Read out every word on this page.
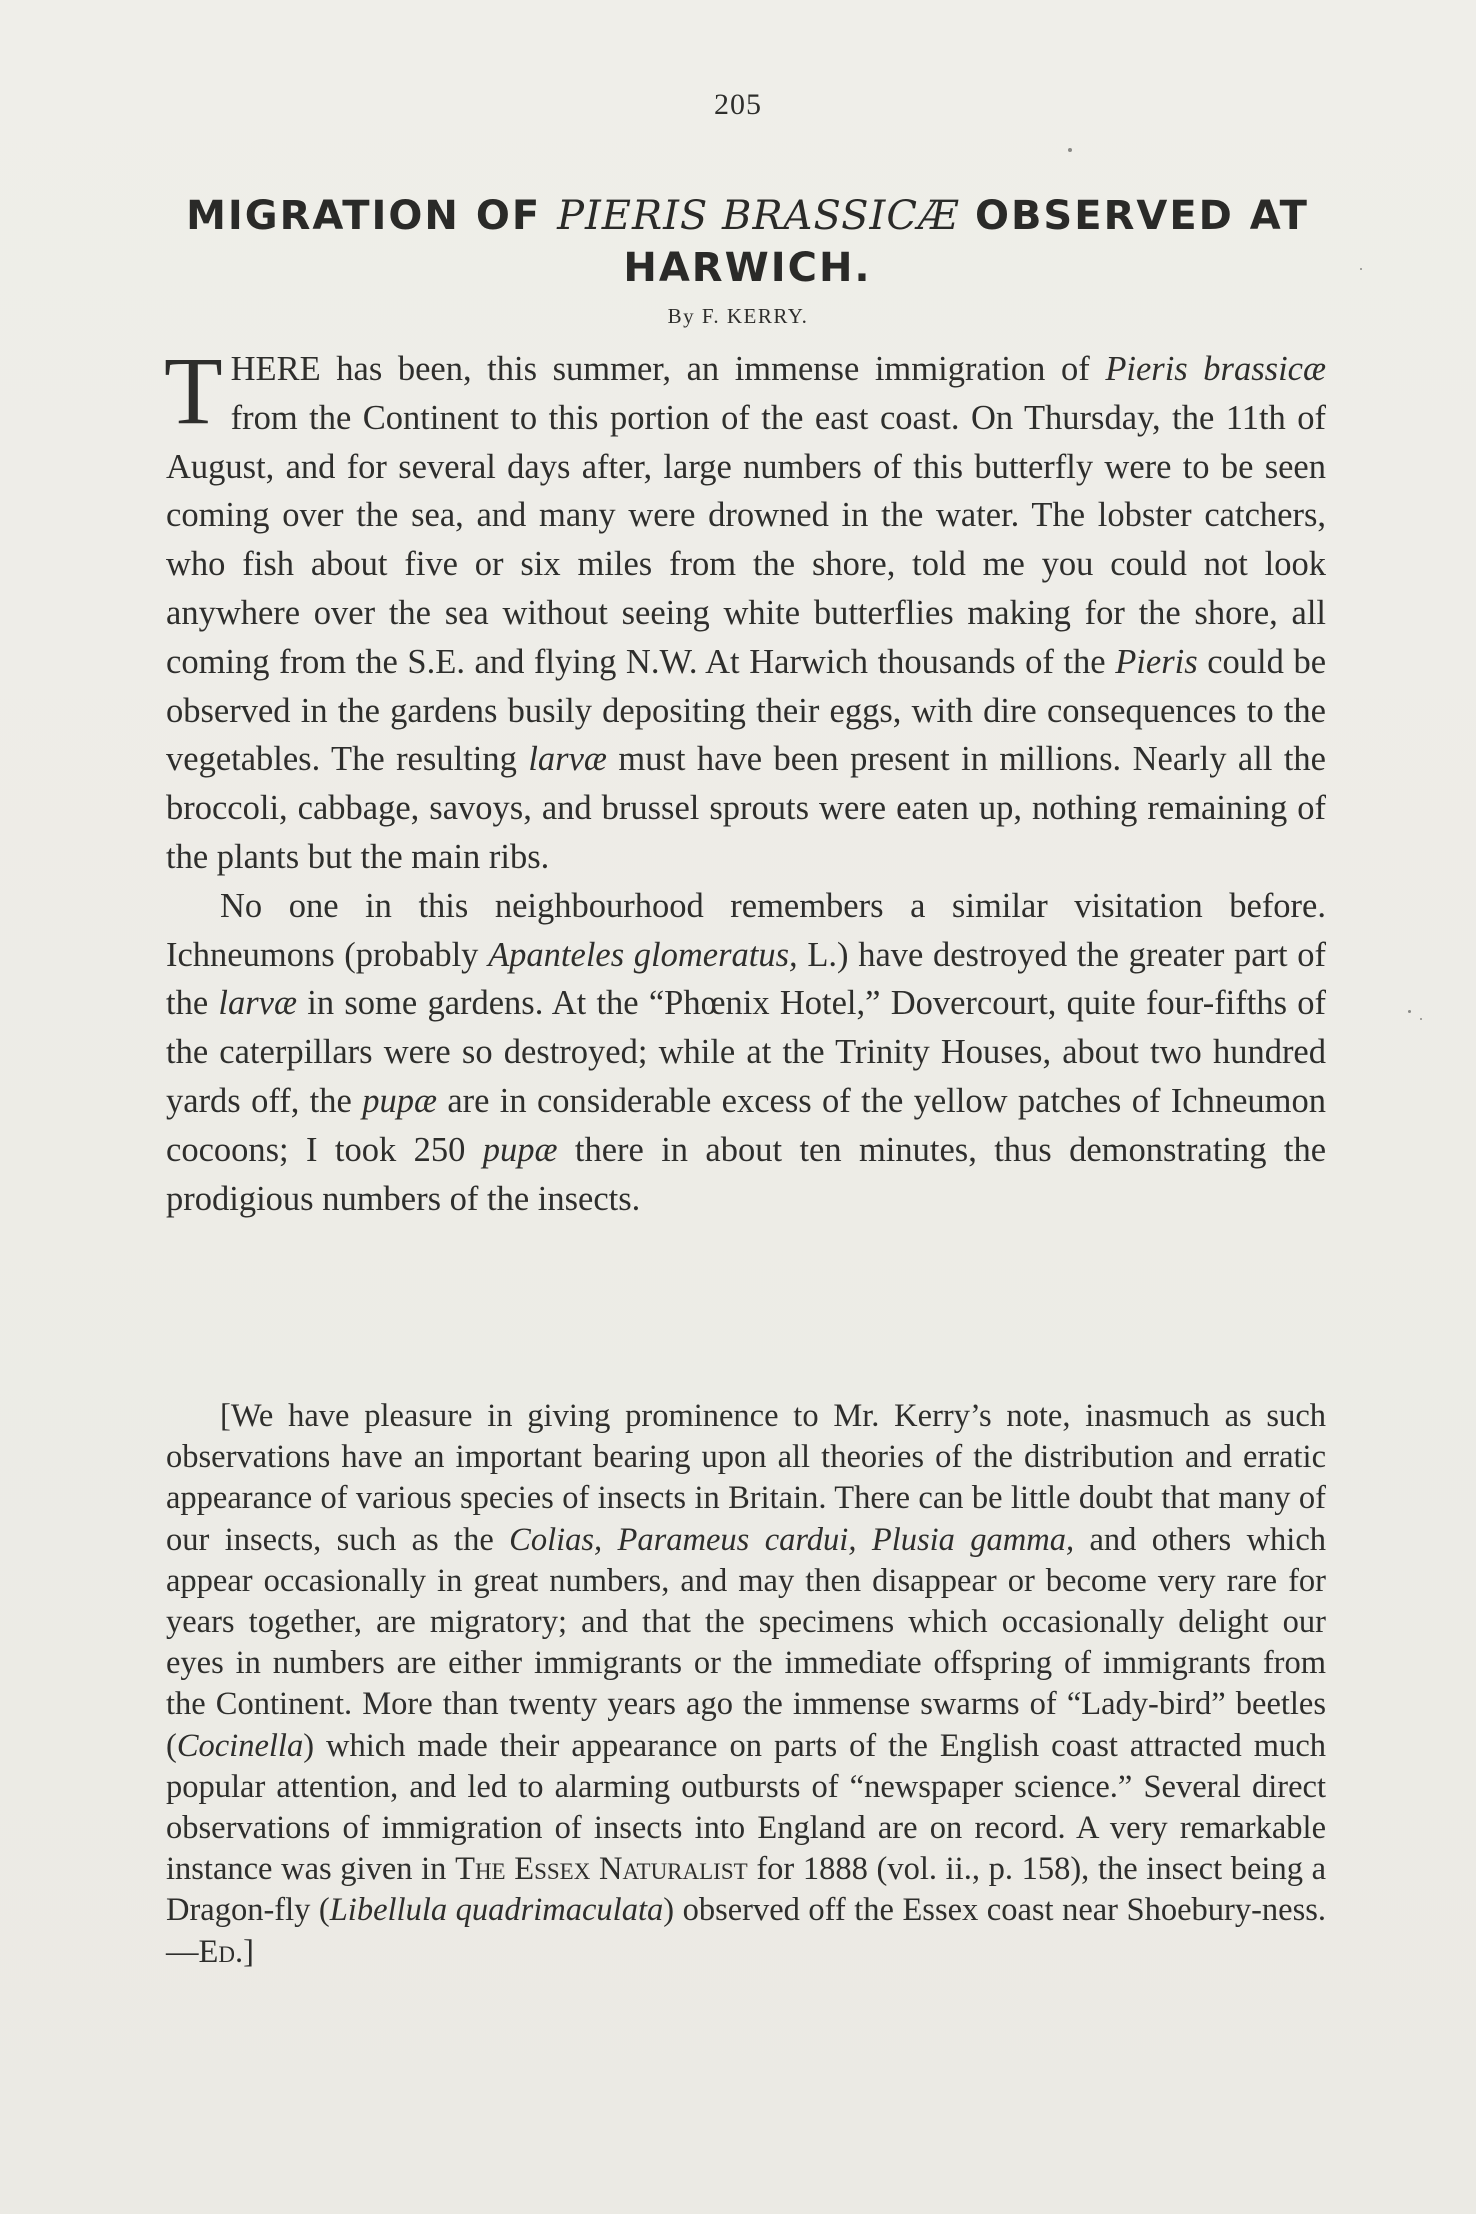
205
MIGRATION OF PIERIS BRASSICÆ OBSERVED AT HARWICH.
By F. KERRY.

THERE has been, this summer, an immense immigration of Pieris brassicæ from the Continent to this portion of the east coast. On Thursday, the 11th of August, and for several days after, large numbers of this butterfly were to be seen coming over the sea, and many were drowned in the water. The lobster catchers, who fish about five or six miles from the shore, told me you could not look anywhere over the sea without seeing white butterflies making for the shore, all coming from the S.E. and flying N.W. At Harwich thousands of the Pieris could be observed in the gardens busily depositing their eggs, with dire consequences to the vegetables. The resulting larvæ must have been present in millions. Nearly all the broccoli, cabbage, savoys, and brussel sprouts were eaten up, nothing remaining of the plants but the main ribs.

No one in this neighbourhood remembers a similar visitation before. Ichneumons (probably Apanteles glomeratus, L.) have destroyed the greater part of the larvæ in some gardens. At the “Phœnix Hotel,” Dovercourt, quite four-fifths of the caterpillars were so destroyed; while at the Trinity Houses, about two hundred yards off, the pupæ are in considerable excess of the yellow patches of Ichneumon cocoons; I took 250 pupæ there in about ten minutes, thus demonstrating the prodigious numbers of the insects.

[We have pleasure in giving prominence to Mr. Kerry’s note, inasmuch as such observations have an important bearing upon all theories of the distribution and erratic appearance of various species of insects in Britain. There can be little doubt that many of our insects, such as the Colias, Parameus cardui, Plusia gamma, and others which appear occasionally in great numbers, and may then disappear or become very rare for years together, are migratory; and that the specimens which occasionally delight our eyes in numbers are either immigrants or the immediate offspring of immigrants from the Continent. More than twenty years ago the immense swarms of “Lady-bird” beetles (Cocinella) which made their appearance on parts of the English coast attracted much popular attention, and led to alarming outbursts of “newspaper science.” Several direct observations of immigration of insects into England are on record. A very remarkable instance was given in The Essex Naturalist for 1888 (vol. ii., p. 158), the insect being a Dragon-fly (Libellula quadrimaculata) observed off the Essex coast near Shoebury-ness.—Ed.]
